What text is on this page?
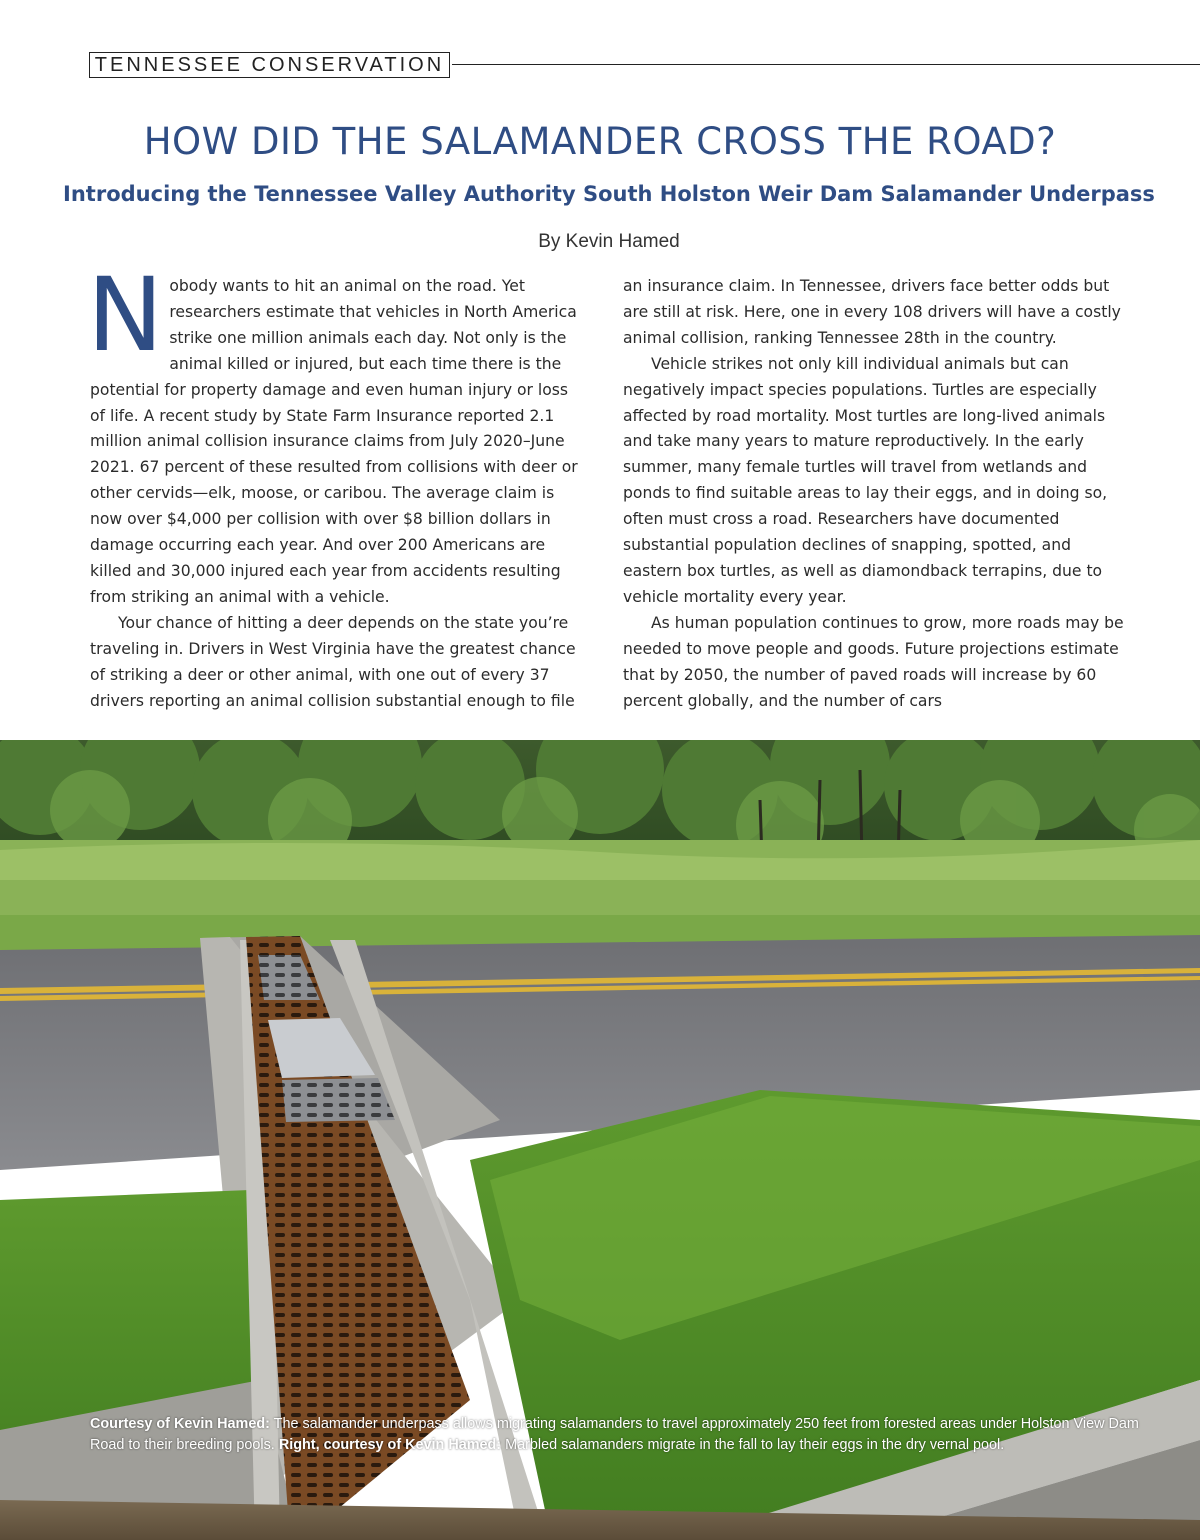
TENNESSEE CONSERVATION
HOW DID THE SALAMANDER CROSS THE ROAD?
Introducing the Tennessee Valley Authority South Holston Weir Dam Salamander Underpass
By Kevin Hamed

Nobody wants to hit an animal on the road. Yet researchers estimate that vehicles in North America strike one million animals each day. Not only is the animal killed or injured, but each time there is the potential for property damage and even human injury or loss of life. A recent study by State Farm Insurance reported 2.1 million animal collision insurance claims from July 2020–June 2021. 67 percent of these resulted from collisions with deer or other cervids—elk, moose, or caribou. The average claim is now over $4,000 per collision with over $8 billion dollars in damage occurring each year. And over 200 Americans are killed and 30,000 injured each year from accidents resulting from striking an animal with a vehicle.

Your chance of hitting a deer depends on the state you’re traveling in. Drivers in West Virginia have the greatest chance of striking a deer or other animal, with one out of every 37 drivers reporting an animal collision substantial enough to file

an insurance claim. In Tennessee, drivers face better odds but are still at risk. Here, one in every 108 drivers will have a costly animal collision, ranking Tennessee 28th in the country.

Vehicle strikes not only kill individual animals but can negatively impact species populations. Turtles are especially affected by road mortality. Most turtles are long-lived animals and take many years to mature reproductively. In the early summer, many female turtles will travel from wetlands and ponds to find suitable areas to lay their eggs, and in doing so, often must cross a road. Researchers have documented substantial population declines of snapping, spotted, and eastern box turtles, as well as diamondback terrapins, due to vehicle mortality every year.

As human population continues to grow, more roads may be needed to move people and goods. Future projections estimate that by 2050, the number of paved roads will increase by 60 percent globally, and the number of cars

Courtesy of Kevin Hamed: The salamander underpass allows migrating salamanders to travel approximately 250 feet from forested areas under Holston View Dam Road to their breeding pools. Right, courtesy of Kevin Hamed: Marbled salamanders migrate in the fall to lay their eggs in the dry vernal pool.
